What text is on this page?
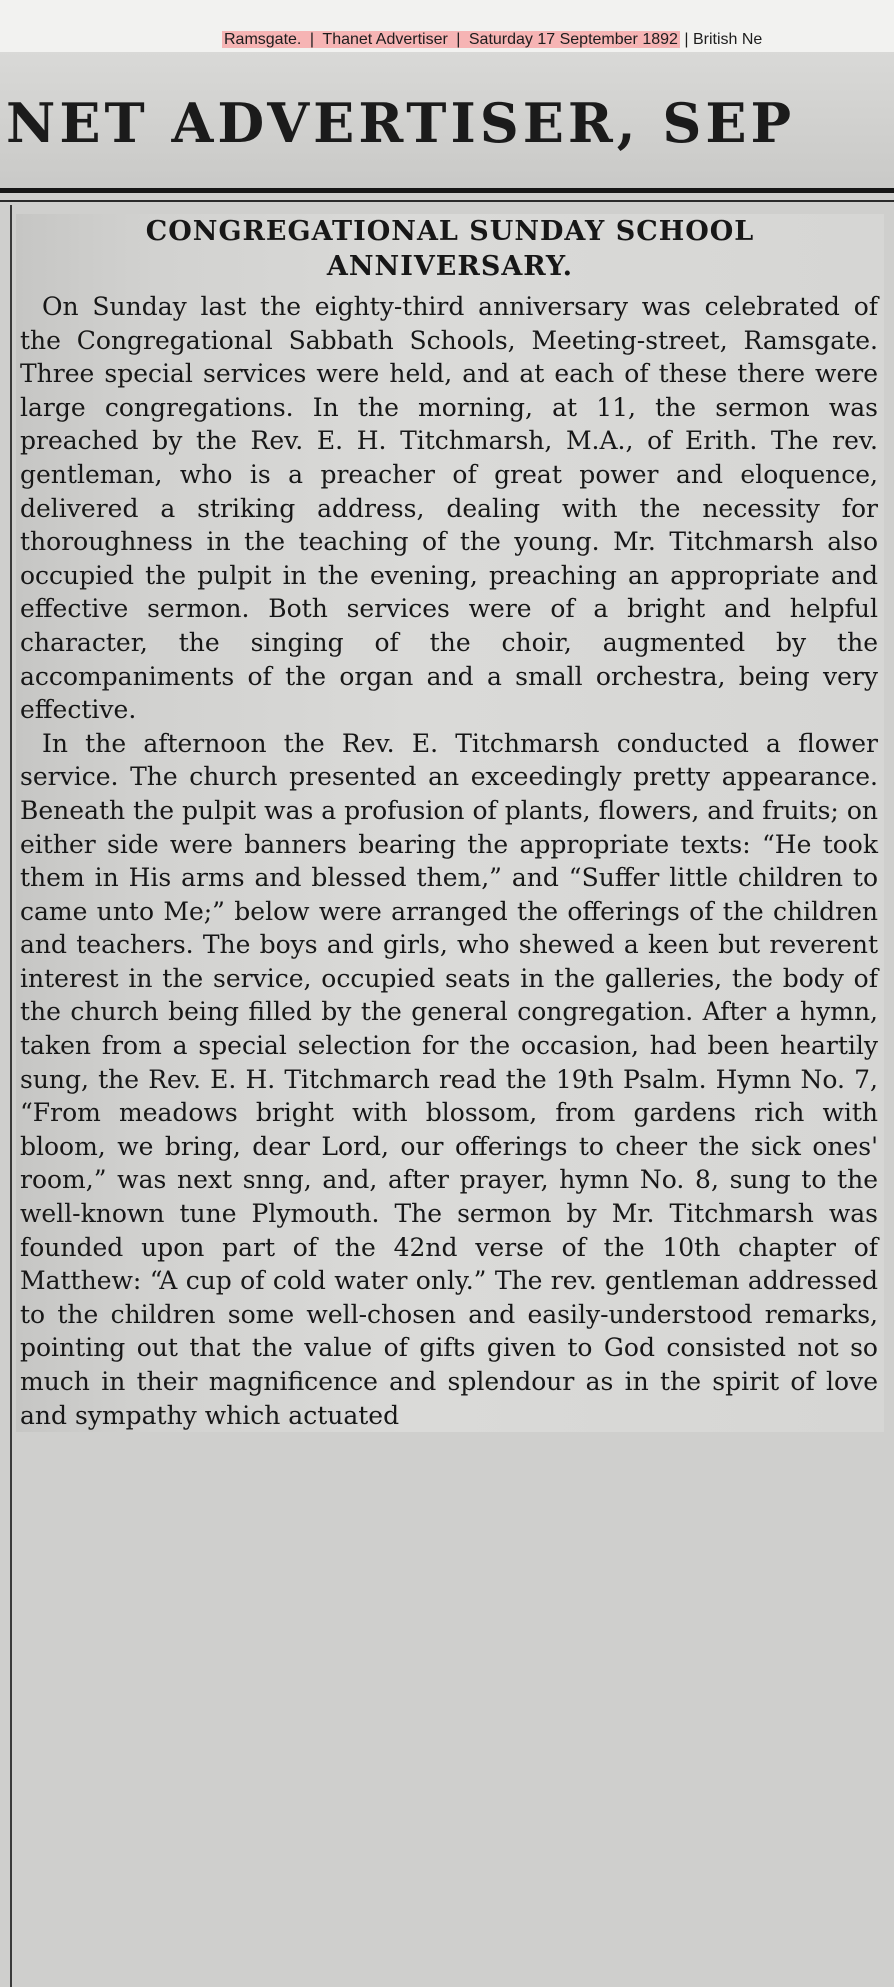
Ramsgate. | Thanet Advertiser | Saturday 17 September 1892 | British Ne
NET ADVERTISER, SEP
CONGREGATIONAL SUNDAY SCHOOL ANNIVERSARY.

On Sunday last the eighty-third anniversary was celebrated of the Congregational Sabbath Schools, Meeting-street, Ramsgate. Three special services were held, and at each of these there were large congregations. In the morning, at 11, the sermon was preached by the Rev. E. H. Titchmarsh, M.A., of Erith. The rev. gentleman, who is a preacher of great power and eloquence, delivered a striking address, dealing with the necessity for thoroughness in the teaching of the young. Mr. Titchmarsh also occupied the pulpit in the evening, preaching an appropriate and effective sermon. Both services were of a bright and helpful character, the singing of the choir, augmented by the accompaniments of the organ and a small orchestra, being very effective.

In the afternoon the Rev. E. Titchmarsh conducted a flower service. The church presented an exceedingly pretty appearance. Beneath the pulpit was a profusion of plants, flowers, and fruits; on either side were banners bearing the appropriate texts: “He took them in His arms and blessed them,” and “Suffer little children to came unto Me;” below were arranged the offerings of the children and teachers. The boys and girls, who shewed a keen but reverent interest in the service, occupied seats in the galleries, the body of the church being filled by the general congregation. After a hymn, taken from a special selection for the occasion, had been heartily sung, the Rev. E. H. Titchmarch read the 19th Psalm. Hymn No. 7, “From meadows bright with blossom, from gardens rich with bloom, we bring, dear Lord, our offerings to cheer the sick ones' room,” was next snng, and, after prayer, hymn No. 8, sung to the well-known tune Plymouth. The sermon by Mr. Titchmarsh was founded upon part of the 42nd verse of the 10th chapter of Matthew: “A cup of cold water only.” The rev. gentleman addressed to the children some well-chosen and easily-understood remarks, pointing out that the value of gifts given to God consisted not so much in their magnificence and splendour as in the spirit of love and sympathy which actuated
